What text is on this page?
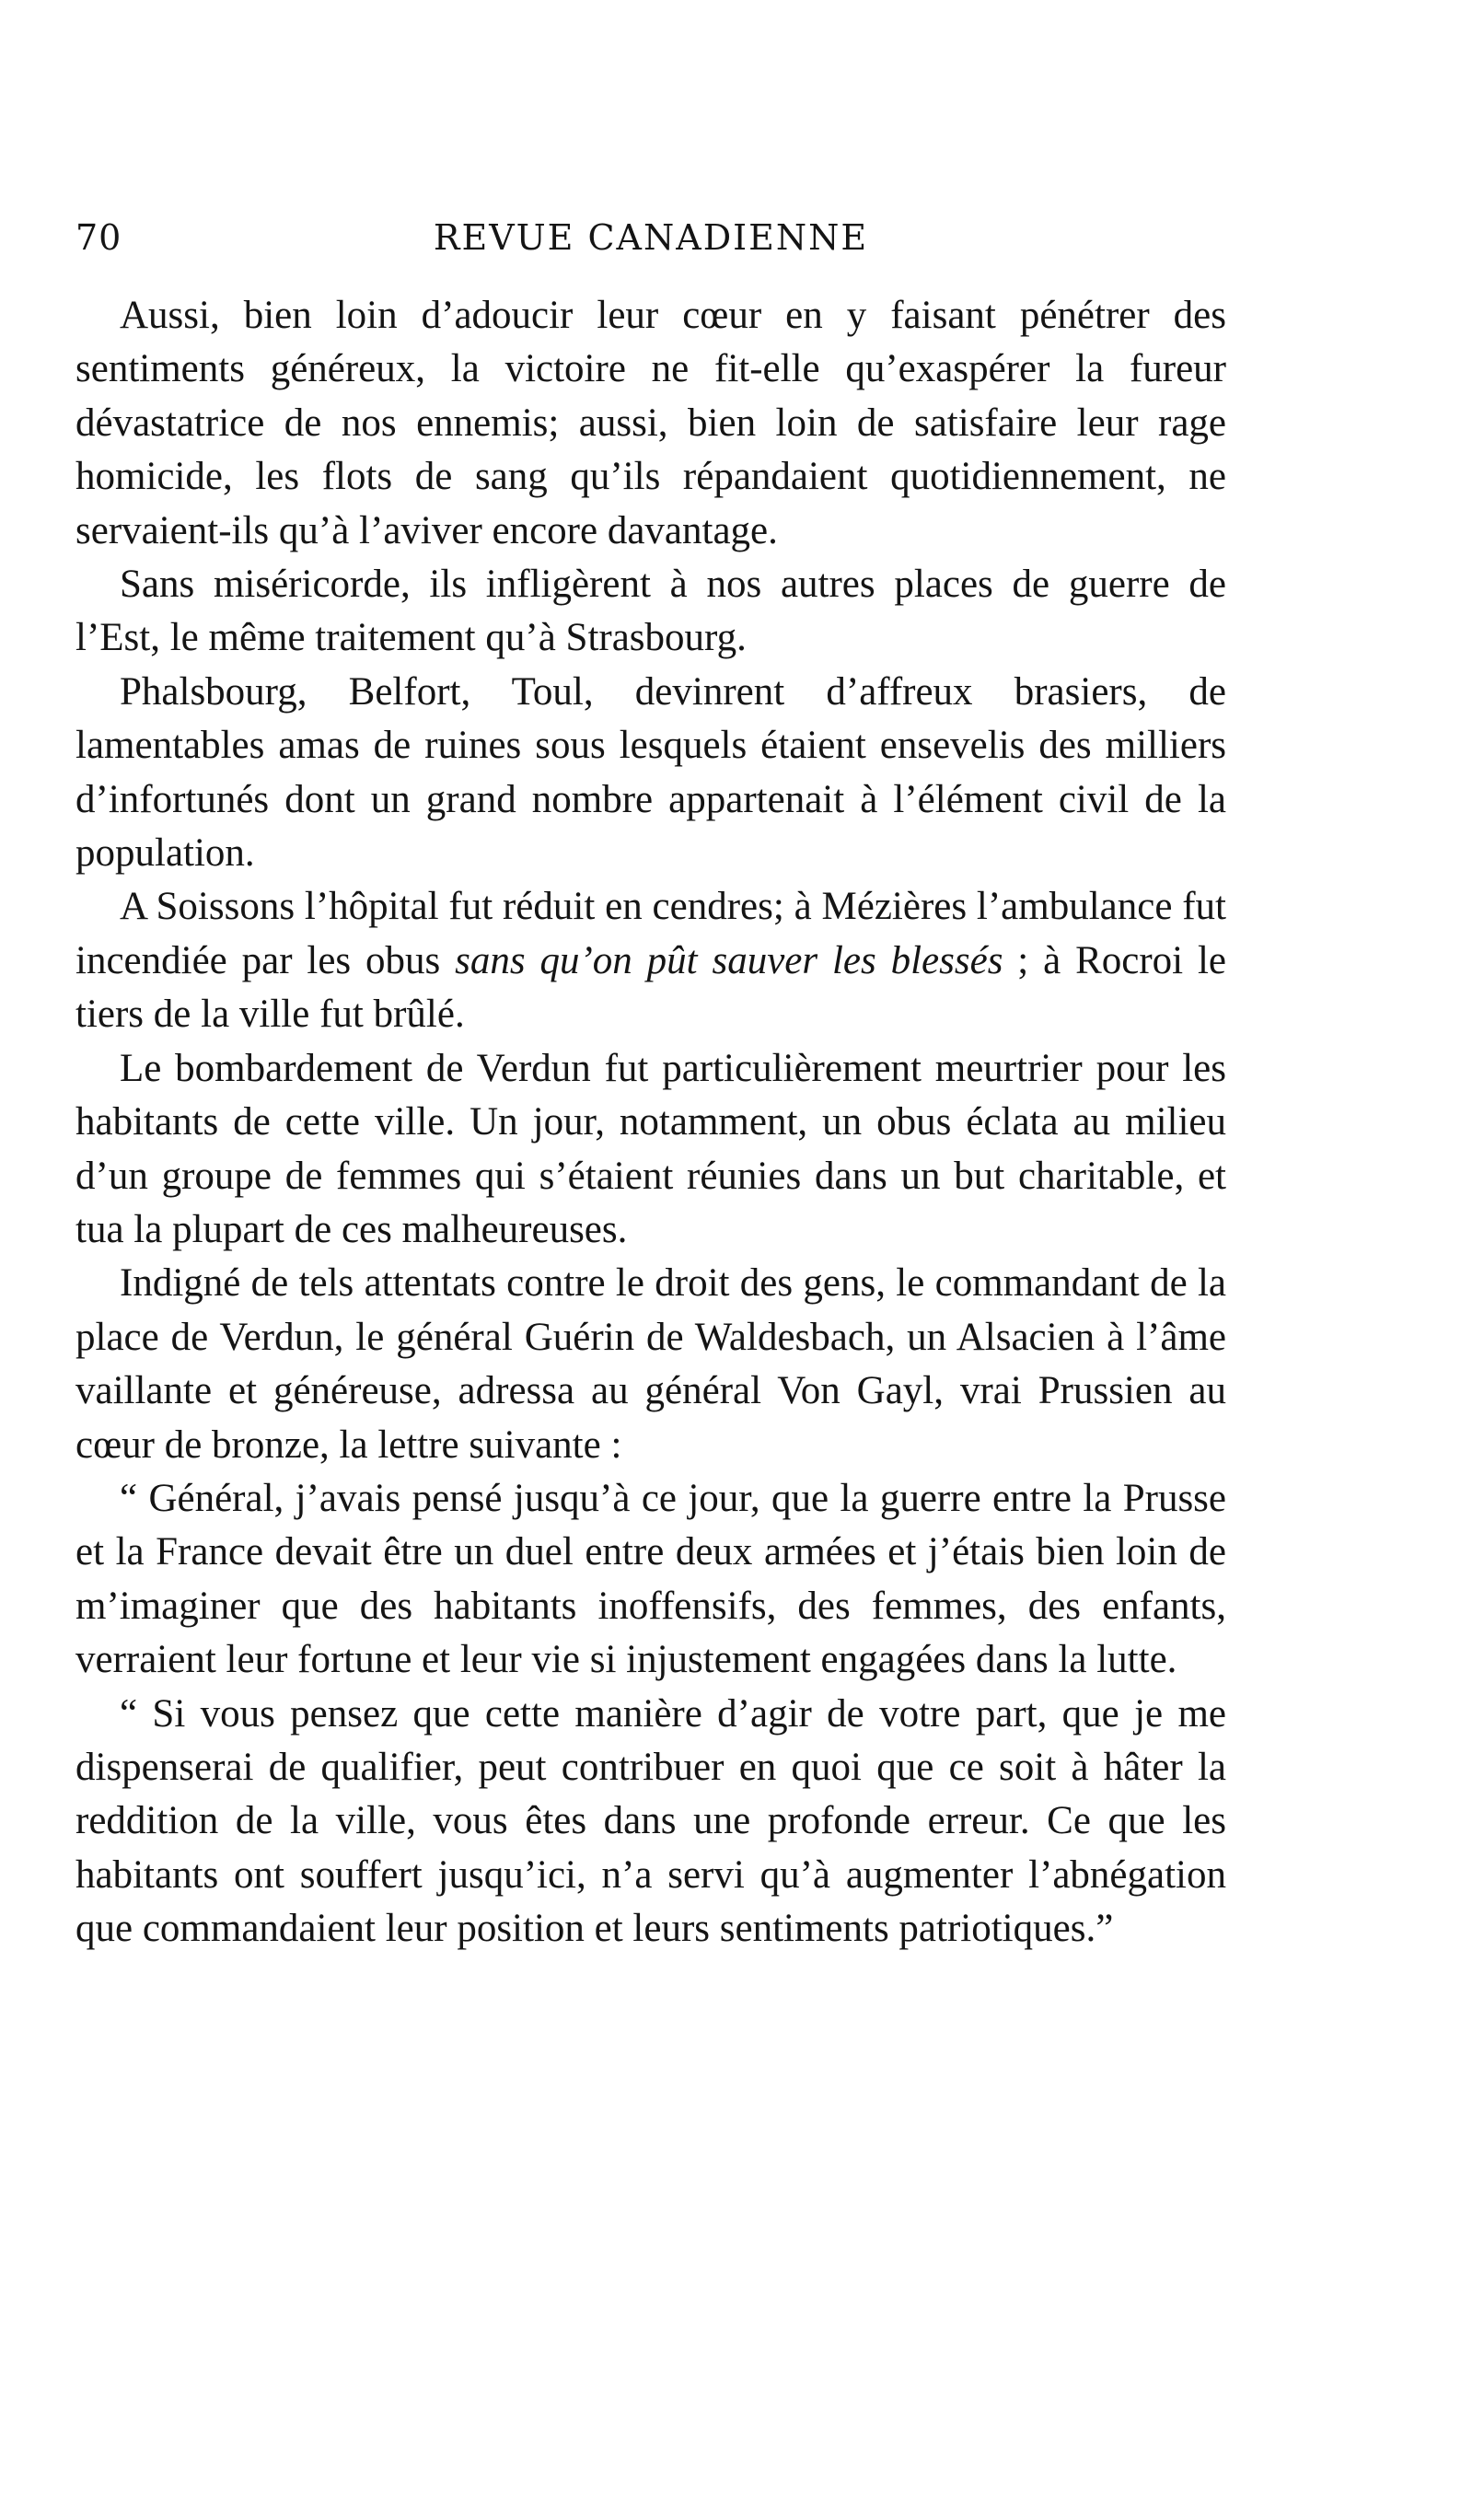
70	REVUE CANADIENNE

Aussi, bien loin d’adoucir leur cœur en y faisant pénétrer des sentiments généreux, la victoire ne fit-elle qu’exaspérer la fureur dévastatrice de nos ennemis; aussi, bien loin de satisfaire leur rage homicide, les flots de sang qu’ils répandaient quotidiennement, ne servaient-ils qu’à l’aviver encore davantage.

Sans miséricorde, ils infligèrent à nos autres places de guerre de l’Est, le même traitement qu’à Strasbourg.

Phalsbourg, Belfort, Toul, devinrent d’affreux brasiers, de lamentables amas de ruines sous lesquels étaient ensevelis des milliers d’infortunés dont un grand nombre appartenait à l’élément civil de la population.

A Soissons l’hôpital fut réduit en cendres; à Mézières l’ambulance fut incendiée par les obus sans qu’on pût sauver les blessés ; à Rocroi le tiers de la ville fut brûlé.

Le bombardement de Verdun fut particulièrement meurtrier pour les habitants de cette ville. Un jour, notamment, un obus éclata au milieu d’un groupe de femmes qui s’étaient réunies dans un but charitable, et tua la plupart de ces malheureuses.

Indigné de tels attentats contre le droit des gens, le commandant de la place de Verdun, le général Guérin de Waldesbach, un Alsacien à l’âme vaillante et généreuse, adressa au général Von Gayl, vrai Prussien au cœur de bronze, la lettre suivante :

“ Général, j’avais pensé jusqu’à ce jour, que la guerre entre la Prusse et la France devait être un duel entre deux armées et j’étais bien loin de m’imaginer que des habitants inoffensifs, des femmes, des enfants, verraient leur fortune et leur vie si injustement engagées dans la lutte.

“ Si vous pensez que cette manière d’agir de votre part, que je me dispenserai de qualifier, peut contribuer en quoi que ce soit à hâter la reddition de la ville, vous êtes dans une profonde erreur. Ce que les habitants ont souffert jusqu’ici, n’a servi qu’à augmenter l’abnégation que commandaient leur position et leurs sentiments patriotiques.”
